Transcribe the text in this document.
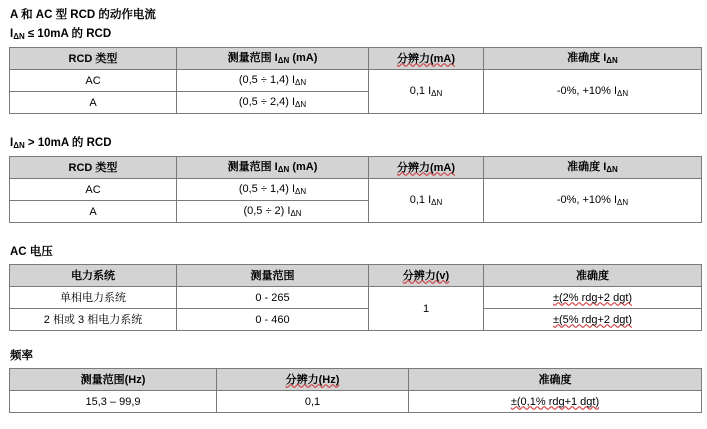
A 和 AC 型 RCD 的动作电流
$I_{\Delta N} \le 10mA$ 的 RCD
RCD 类型	测量范围 $I_{\Delta N}$ (mA)	分辨力(mA)	准确度 $I_{\Delta N}$
AC	(0,5 ÷ 1,4) $I_{\Delta N}$	0,1 $I_{\Delta N}$	-0%, +10% $I_{\Delta N}$
A	(0,5 ÷ 2,4) $I_{\Delta N}$
$I_{\Delta N} > 10mA$ 的 RCD
RCD 类型	测量范围 $I_{\Delta N}$ (mA)	分辨力(mA)	准确度 $I_{\Delta N}$
AC	(0,5 ÷ 1,4) $I_{\Delta N}$	0,1 $I_{\Delta N}$	-0%, +10% $I_{\Delta N}$
A	(0,5 ÷ 2) $I_{\Delta N}$
AC 电压
电力系统	测量范围	分辨力(v)	准确度
单相电力系统	0 - 265	1	±(2% rdg+2 dgt)
2 相或 3 相电力系统	0 - 460		±(5% rdg+2 dgt)
频率
测量范围(Hz)	分辨力(Hz)	准确度
15,3 – 99,9	0,1	±(0,1% rdg+1 dgt)
